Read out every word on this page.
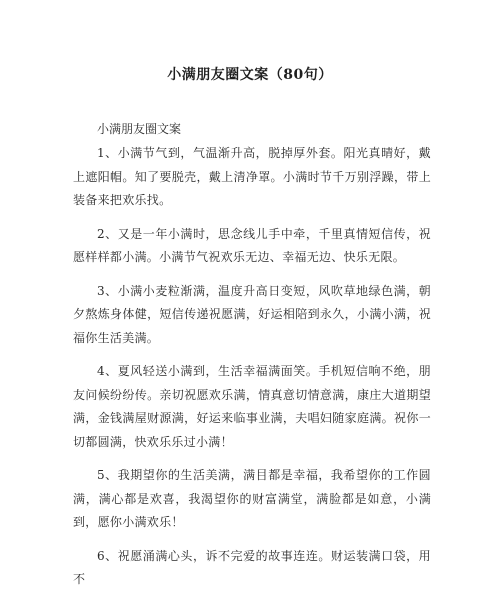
小满朋友圈文案（80句）
小满朋友圈文案

1、小满节气到，气温渐升高，脱掉厚外套。阳光真晴好，戴上遮阳帽。知了要脱壳，戴上清净罩。小满时节千万别浮躁，带上装备来把欢乐找。

2、又是一年小满时，思念线儿手中牵，千里真情短信传，祝愿样样都小满。小满节气祝欢乐无边、幸福无边、快乐无限。

3、小满小麦粒渐满，温度升高日变短，风吹草地绿色满，朝夕熬炼身体健，短信传递祝愿满，好运相陪到永久，小满小满，祝福你生活美满。

4、夏风轻送小满到，生活幸福满面笑。手机短信响不绝，朋友问候纷纷传。亲切祝愿欢乐满，情真意切情意满，康庄大道期望满，金钱满屋财源满，好运来临事业满，夫唱妇随家庭满。祝你一切都圆满，快欢乐乐过小满！

5、我期望你的生活美满，满目都是幸福，我希望你的工作圆满，满心都是欢喜，我渴望你的财富满堂，满脸都是如意，小满到，愿你小满欢乐！

6、祝愿涌满心头，诉不完爱的故事连连。财运装满口袋，用不
